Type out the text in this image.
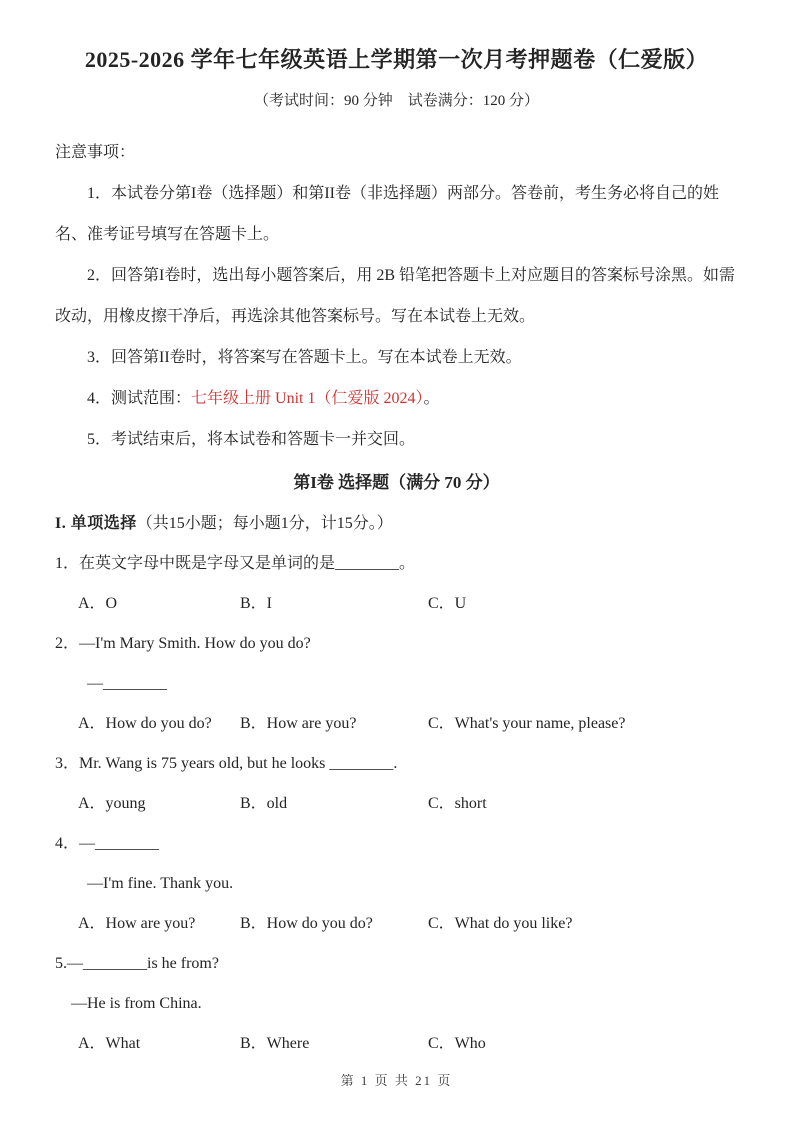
2025-2026 学年七年级英语上学期第一次月考押题卷（仁爱版）
（考试时间：90 分钟　试卷满分：120 分）

注意事项：

1．本试卷分第I卷（选择题）和第II卷（非选择题）两部分。答卷前，考生务必将自己的姓名、准考证号填写在答题卡上。

2．回答第I卷时，选出每小题答案后，用 2B 铅笔把答题卡上对应题目的答案标号涂黑。如需改动，用橡皮擦干净后，再选涂其他答案标号。写在本试卷上无效。

3．回答第II卷时，将答案写在答题卡上。写在本试卷上无效。

4．测试范围：七年级上册 Unit 1（仁爱版 2024）。

5．考试结束后，将本试卷和答题卡一并交回。

第I卷 选择题（满分 70 分）

I. 单项选择（共15小题；每小题1分，计15分。）

1．在英文字母中既是字母又是单词的是________。

A．O	B．I	C．U

2．—I'm Mary Smith. How do you do?

—________

A．How do you do?	B．How are you?	C．What's your name, please?

3．Mr. Wang is 75 years old, but he looks ________.

A．young	B．old	C．short

4．—________

—I'm fine. Thank you.

A．How are you?	B．How do you do?	C．What do you like?

5.—________is he from?

—He is from China.

A．What	B．Where	C．Who
第 1 页 共 21 页
